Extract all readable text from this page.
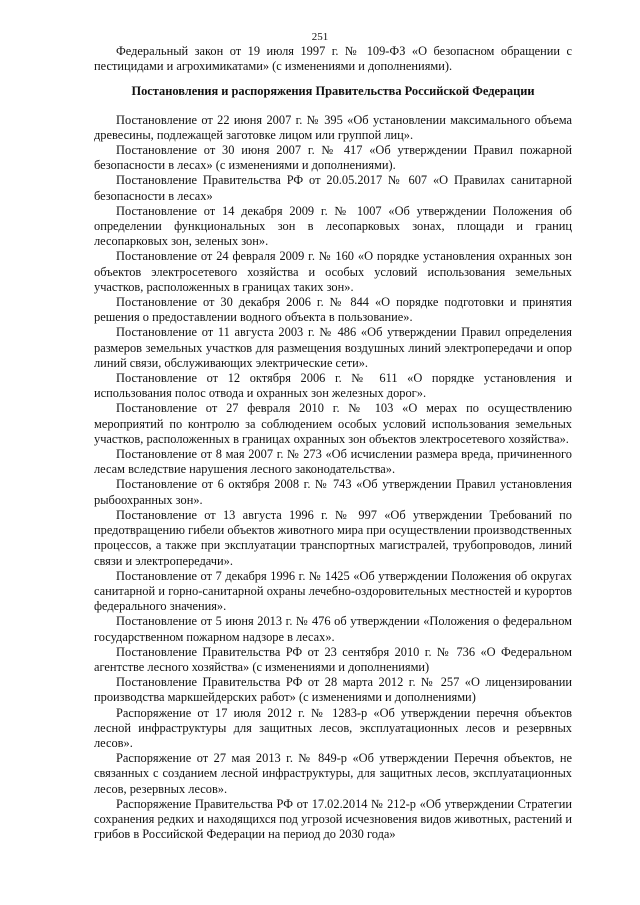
251

Федеральный закон от 19 июля 1997 г. № 109-ФЗ «О безопасном обращении с пестицидами и агрохимикатами» (с изменениями и дополнениями).

Постановления и распоряжения Правительства Российской Федерации

Постановление от 22 июня 2007 г. № 395 «Об установлении максимального объема древесины, подлежащей заготовке лицом или группой лиц».

Постановление от 30 июня 2007 г. № 417 «Об утверждении Правил пожарной безопасности в лесах» (с изменениями и дополнениями).

Постановление Правительства РФ от 20.05.2017 № 607 «О Правилах санитарной безопасности в лесах»

Постановление от 14 декабря 2009 г. № 1007 «Об утверждении Положения об определении функциональных зон в лесопарковых зонах, площади и границ лесопарковых зон, зеленых зон».

Постановление от 24 февраля 2009 г. № 160 «О порядке установления охранных зон объектов электросетевого хозяйства и особых условий использования земельных участков, расположенных в границах таких зон».

Постановление от 30 декабря 2006 г. № 844 «О порядке подготовки и принятия решения о предоставлении водного объекта в пользование».

Постановление от 11 августа 2003 г. № 486 «Об утверждении Правил определения размеров земельных участков для размещения воздушных линий электропередачи и опор линий связи, обслуживающих электрические сети».

Постановление от 12 октября 2006 г. № 611 «О порядке установления и использования полос отвода и охранных зон железных дорог».

Постановление от 27 февраля 2010 г. № 103 «О мерах по осуществлению мероприятий по контролю за соблюдением особых условий использования земельных участков, расположенных в границах охранных зон объектов электросетевого хозяйства».

Постановление от 8 мая 2007 г. № 273 «Об исчислении размера вреда, причиненного лесам вследствие нарушения лесного законодательства».

Постановление от 6 октября 2008 г. № 743 «Об утверждении Правил установления рыбоохранных зон».

Постановление от 13 августа 1996 г. № 997 «Об утверждении Требований по предотвращению гибели объектов животного мира при осуществлении производственных процессов, а также при эксплуатации транспортных магистралей, трубопроводов, линий связи и электропередачи».

Постановление от 7 декабря 1996 г. № 1425 «Об утверждении Положения об округах санитарной и горно-санитарной охраны лечебно-оздоровительных местностей и курортов федерального значения».

Постановление от 5 июня 2013 г. № 476 об утверждении «Положения о федеральном государственном пожарном надзоре в лесах».

Постановление Правительства РФ от 23 сентября 2010 г. № 736 «О Федеральном агентстве лесного хозяйства» (с изменениями и дополнениями)

Постановление Правительства РФ от 28 марта 2012 г. № 257 «О лицензировании производства маркшейдерских работ» (с изменениями и дополнениями)

Распоряжение от 17 июля 2012 г. № 1283-р «Об утверждении перечня объектов лесной инфраструктуры для защитных лесов, эксплуатационных лесов и резервных лесов».

Распоряжение от 27 мая 2013 г. № 849-р «Об утверждении Перечня объектов, не связанных с созданием лесной инфраструктуры, для защитных лесов, эксплуатационных лесов, резервных лесов».

Распоряжение Правительства РФ от 17.02.2014 № 212-р «Об утверждении Стратегии сохранения редких и находящихся под угрозой исчезновения видов животных, растений и грибов в Российской Федерации на период до 2030 года»
